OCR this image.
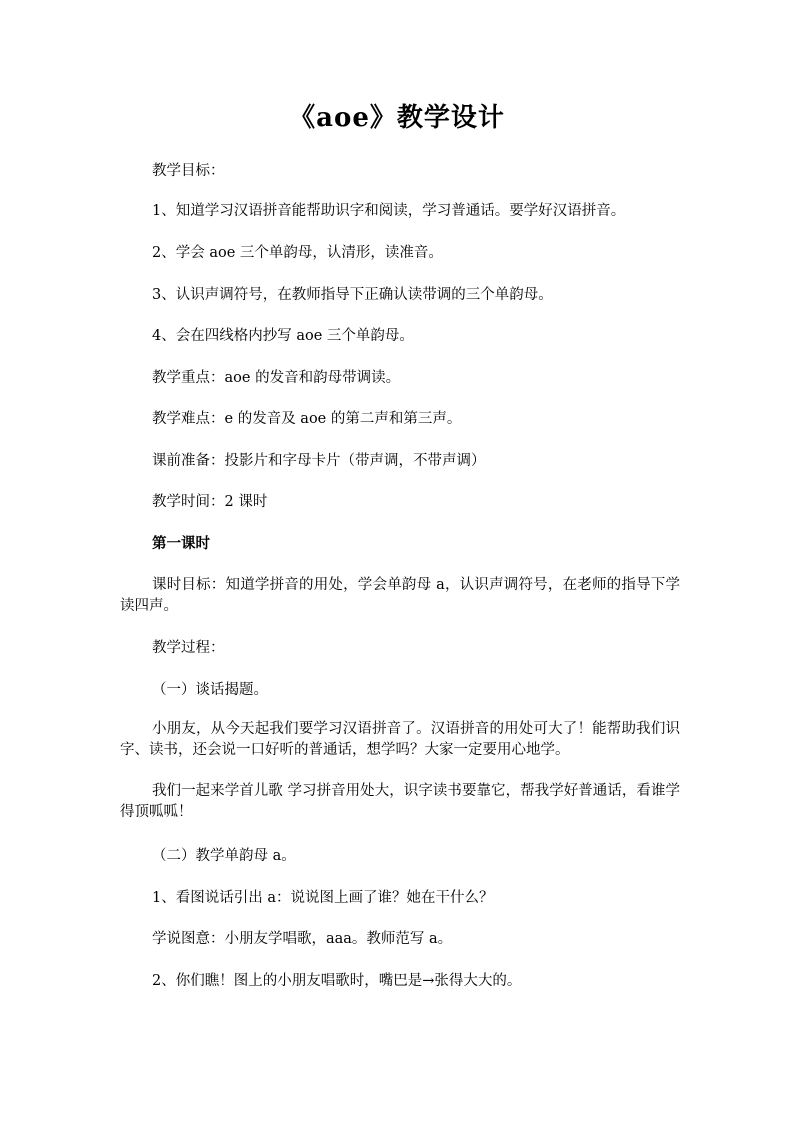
《aoe》教学设计
教学目标：
1、知道学习汉语拼音能帮助识字和阅读，学习普通话。要学好汉语拼音。
2、学会 aoe 三个单韵母，认清形，读准音。
3、认识声调符号，在教师指导下正确认读带调的三个单韵母。
4、会在四线格内抄写 aoe 三个单韵母。
教学重点：aoe 的发音和韵母带调读。
教学难点：e 的发音及 aoe 的第二声和第三声。
课前准备：投影片和字母卡片（带声调，不带声调）
教学时间：2 课时
第一课时
课时目标：知道学拼音的用处，学会单韵母 a，认识声调符号，在老师的指导下学读四声。
教学过程：
（一）谈话揭题。
小朋友，从今天起我们要学习汉语拼音了。汉语拼音的用处可大了！能帮助我们识字、读书，还会说一口好听的普通话，想学吗？大家一定要用心地学。
我们一起来学首儿歌 学习拼音用处大，识字读书要靠它，帮我学好普通话，看谁学得顶呱呱！
（二）教学单韵母 a。
1、看图说话引出 a：说说图上画了谁？她在干什么？
学说图意：小朋友学唱歌，aaa。教师范写 a。
2、你们瞧！图上的小朋友唱歌时，嘴巴是→张得大大的。
